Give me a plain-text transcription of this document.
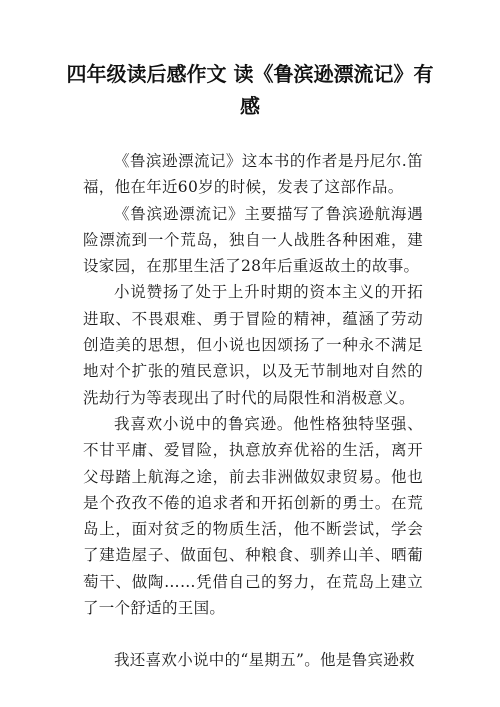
四年级读后感作文 读《鲁滨逊漂流记》有感

《鲁滨逊漂流记》这本书的作者是丹尼尔.笛福，他在年近60岁的时候，发表了这部作品。

《鲁滨逊漂流记》主要描写了鲁滨逊航海遇险漂流到一个荒岛，独自一人战胜各种困难，建设家园，在那里生活了28年后重返故土的故事。

小说赞扬了处于上升时期的资本主义的开拓进取、不畏艰难、勇于冒险的精神，蕴涵了劳动创造美的思想，但小说也因颂扬了一种永不满足地对个扩张的殖民意识，以及无节制地对自然的洗劫行为等表现出了时代的局限性和消极意义。

我喜欢小说中的鲁宾逊。他性格独特坚强、不甘平庸、爱冒险，执意放弃优裕的生活，离开父母踏上航海之途，前去非洲做奴隶贸易。他也是个孜孜不倦的追求者和开拓创新的勇士。在荒岛上，面对贫乏的物质生活，他不断尝试，学会了建造屋子、做面包、种粮食、驯养山羊、晒葡萄干、做陶……凭借自己的努力，在荒岛上建立了一个舒适的王国。

我还喜欢小说中的“星期五”。他是鲁宾逊救
